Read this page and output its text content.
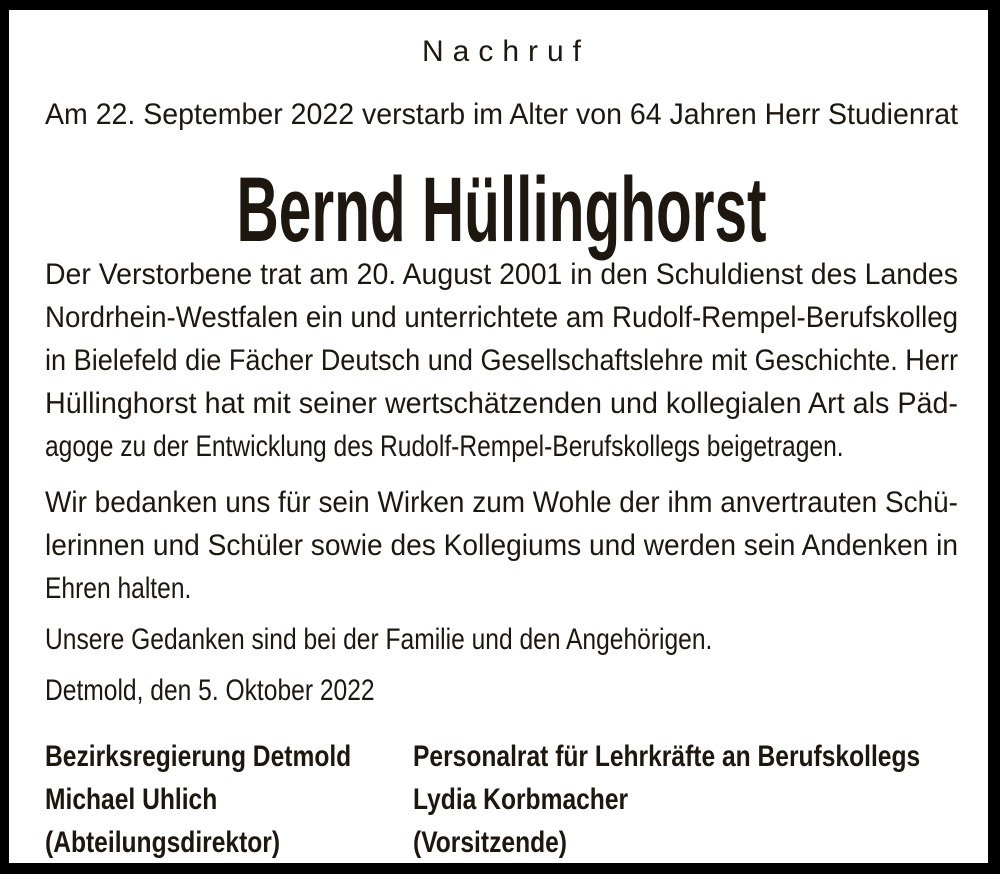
Nachruf
Am 22. September 2022 verstarb im Alter von 64 Jahren Herr Studienrat
Bernd Hüllinghorst
Der Verstorbene trat am 20. August 2001 in den Schuldienst des Landes
Nordrhein-Westfalen ein und unterrichtete am Rudolf-Rempel-Berufskolleg
in Bielefeld die Fächer Deutsch und Gesellschaftslehre mit Geschichte. Herr
Hüllinghorst hat mit seiner wertschätzenden und kollegialen Art als Päd-
agoge zu der Entwicklung des Rudolf-Rempel-Berufskollegs beigetragen.
Wir bedanken uns für sein Wirken zum Wohle der ihm anvertrauten Schü-
lerinnen und Schüler sowie des Kollegiums und werden sein Andenken in
Ehren halten.
Unsere Gedanken sind bei der Familie und den Angehörigen.
Detmold, den 5. Oktober 2022
Bezirksregierung Detmold
Michael Uhlich
(Abteilungsdirektor)
Personalrat für Lehrkräfte an Berufskollegs
Lydia Korbmacher
(Vorsitzende)
